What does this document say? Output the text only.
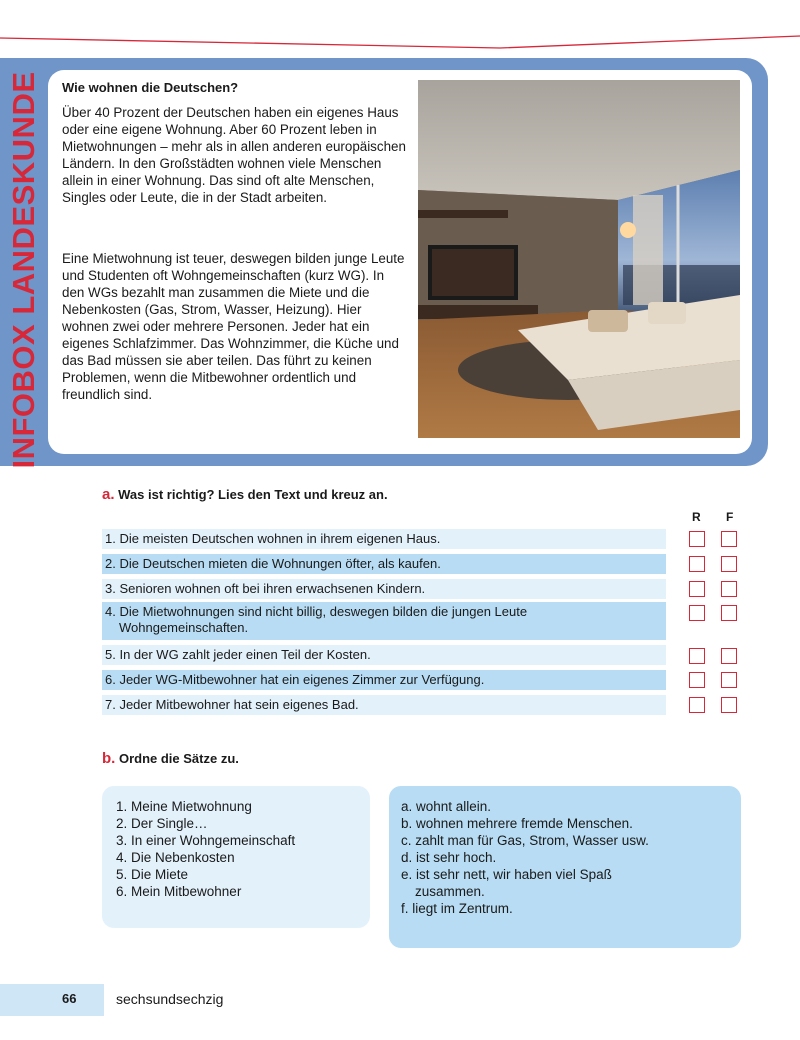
INFOBOX LANDESKUNDE Wie wohnen die Deutschen?

Über 40 Prozent der Deutschen haben ein eigenes Haus oder eine eigene Wohnung. Aber 60 Prozent leben in Mietwohnungen – mehr als in allen anderen europäischen Ländern. In den Großstädten wohnen viele Menschen allein in einer Wohnung. Das sind oft alte Menschen, Singles oder Leute, die in der Stadt arbeiten.

Eine Mietwohnung ist teuer, deswegen bilden junge Leute und Studenten oft Wohngemeinschaften (kurz WG). In den WGs bezahlt man zusammen die Miete und die Nebenkosten (Gas, Strom, Wasser, Heizung). Hier wohnen zwei oder mehrere Personen. Jeder hat ein eigenes Schlafzimmer. Das Wohnzimmer, die Küche und das Bad müssen sie aber teilen. Das führt zu keinen Problemen, wenn die Mitbewohner ordentlich und freundlich sind.

a. Was ist richtig? Lies den Text und kreuz an.
R F
1. Die meisten Deutschen wohnen in ihrem eigenen Haus.
2. Die Deutschen mieten die Wohnungen öfter, als kaufen.
3. Senioren wohnen oft bei ihren erwachsenen Kindern.
4. Die Mietwohnungen sind nicht billig, deswegen bilden die jungen Leute
Wohngemeinschaften.
5. In der WG zahlt jeder einen Teil der Kosten.
6. Jeder WG-Mitbewohner hat ein eigenes Zimmer zur Verfügung.
7. Jeder Mitbewohner hat sein eigenes Bad.
b. Ordne die Sätze zu.
1. Meine Mietwohnung
2. Der Single…
3. In einer Wohngemeinschaft
4. Die Nebenkosten
5. Die Miete
6. Mein Mitbewohner
a. wohnt allein.
b. wohnen mehrere fremde Menschen.
c. zahlt man für Gas, Strom, Wasser usw.
d. ist sehr hoch.
e. ist sehr nett, wir haben viel Spaß
zusammen.
f. liegt im Zentrum.
66	sechsundsechzig
